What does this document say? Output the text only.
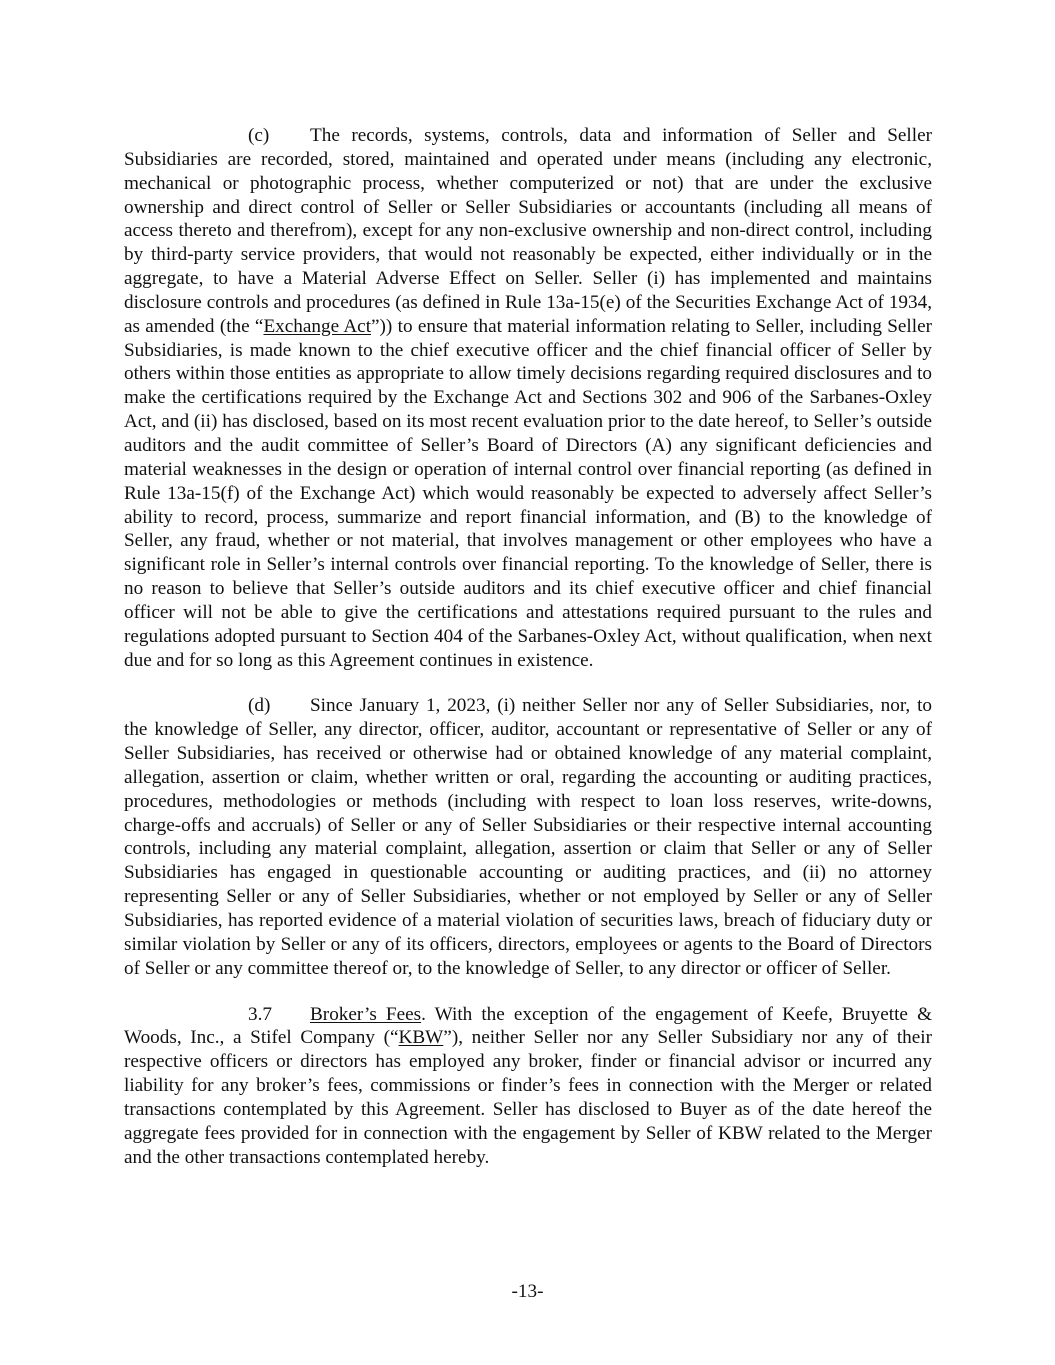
(c) The records, systems, controls, data and information of Seller and Seller Subsidiaries are recorded, stored, maintained and operated under means (including any electronic, mechanical or photographic process, whether computerized or not) that are under the exclusive ownership and direct control of Seller or Seller Subsidiaries or accountants (including all means of access thereto and therefrom), except for any non-exclusive ownership and non-direct control, including by third-party service providers, that would not reasonably be expected, either individually or in the aggregate, to have a Material Adverse Effect on Seller. Seller (i) has implemented and maintains disclosure controls and procedures (as defined in Rule 13a-15(e) of the Securities Exchange Act of 1934, as amended (the “Exchange Act”)) to ensure that material information relating to Seller, including Seller Subsidiaries, is made known to the chief executive officer and the chief financial officer of Seller by others within those entities as appropriate to allow timely decisions regarding required disclosures and to make the certifications required by the Exchange Act and Sections 302 and 906 of the Sarbanes-Oxley Act, and (ii) has disclosed, based on its most recent evaluation prior to the date hereof, to Seller’s outside auditors and the audit committee of Seller’s Board of Directors (A) any significant deficiencies and material weaknesses in the design or operation of internal control over financial reporting (as defined in Rule 13a-15(f) of the Exchange Act) which would reasonably be expected to adversely affect Seller’s ability to record, process, summarize and report financial information, and (B) to the knowledge of Seller, any fraud, whether or not material, that involves management or other employees who have a significant role in Seller’s internal controls over financial reporting. To the knowledge of Seller, there is no reason to believe that Seller’s outside auditors and its chief executive officer and chief financial officer will not be able to give the certifications and attestations required pursuant to the rules and regulations adopted pursuant to Section 404 of the Sarbanes-Oxley Act, without qualification, when next due and for so long as this Agreement continues in existence.

(d) Since January 1, 2023, (i) neither Seller nor any of Seller Subsidiaries, nor, to the knowledge of Seller, any director, officer, auditor, accountant or representative of Seller or any of Seller Subsidiaries, has received or otherwise had or obtained knowledge of any material complaint, allegation, assertion or claim, whether written or oral, regarding the accounting or auditing practices, procedures, methodologies or methods (including with respect to loan loss reserves, write-downs, charge-offs and accruals) of Seller or any of Seller Subsidiaries or their respective internal accounting controls, including any material complaint, allegation, assertion or claim that Seller or any of Seller Subsidiaries has engaged in questionable accounting or auditing practices, and (ii) no attorney representing Seller or any of Seller Subsidiaries, whether or not employed by Seller or any of Seller Subsidiaries, has reported evidence of a material violation of securities laws, breach of fiduciary duty or similar violation by Seller or any of its officers, directors, employees or agents to the Board of Directors of Seller or any committee thereof or, to the knowledge of Seller, to any director or officer of Seller.

3.7 Broker’s Fees. With the exception of the engagement of Keefe, Bruyette & Woods, Inc., a Stifel Company (“KBW”), neither Seller nor any Seller Subsidiary nor any of their respective officers or directors has employed any broker, finder or financial advisor or incurred any liability for any broker’s fees, commissions or finder’s fees in connection with the Merger or related transactions contemplated by this Agreement. Seller has disclosed to Buyer as of the date hereof the aggregate fees provided for in connection with the engagement by Seller of KBW related to the Merger and the other transactions contemplated hereby.

-13-
